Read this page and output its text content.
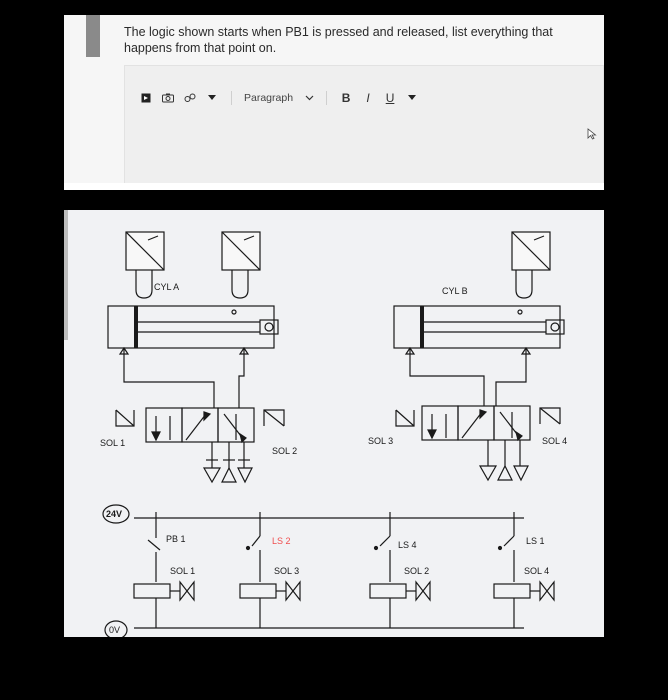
The logic shown starts when PB1 is pressed and released, list everything that happens from that point on.
Paragraph	B	I	U
CYL A	CYL B
SOL 1
SOL 2
SOL 3	SOL 4
24V
0V
PB 1	LS 2	LS 4	LS 1
SOL 1	SOL 3	SOL 2	SOL 4
